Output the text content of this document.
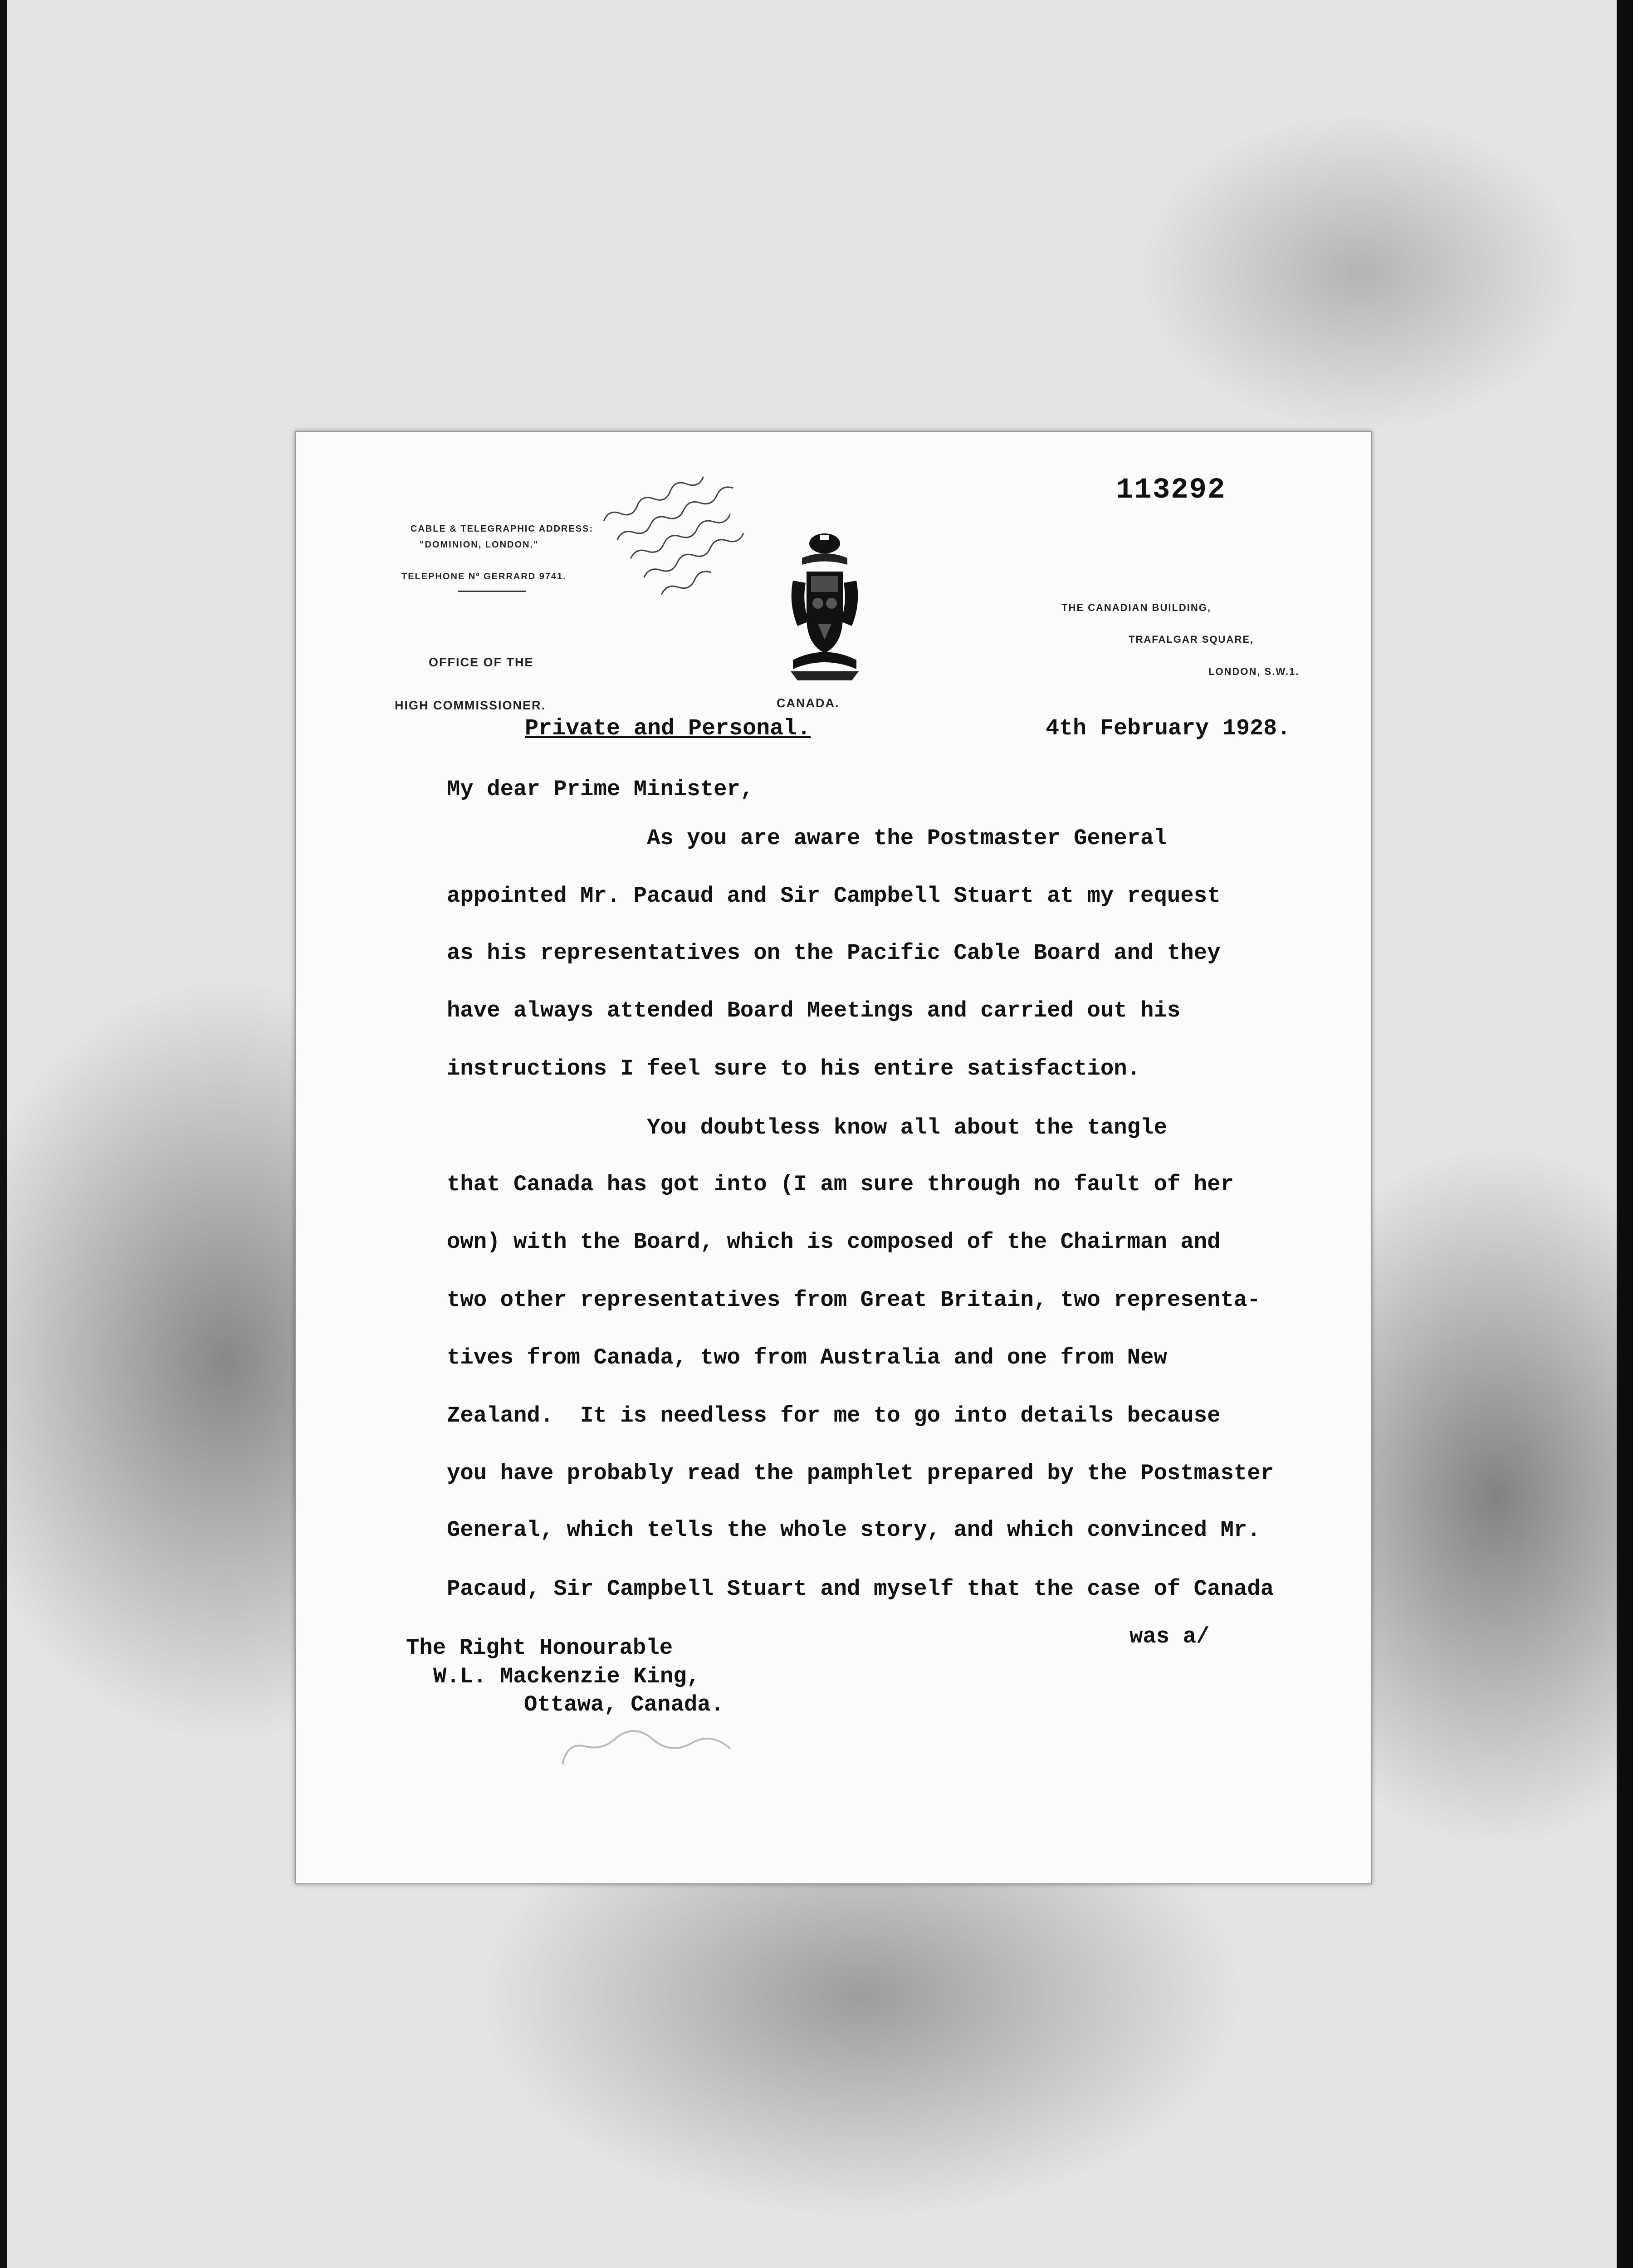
113292
CABLE & TELEGRAPHIC ADDRESS:
"DOMINION, LONDON."
TELEPHONE Nº GERRARD 9741.
OFFICE OF THE
HIGH COMMISSIONER.	CANADA.
THE CANADIAN BUILDING,
TRAFALGAR SQUARE,
LONDON, S.W.1.
Private and Personal.	4th February 1928.
My dear Prime Minister,
As you are aware the Postmaster General
appointed Mr. Pacaud and Sir Campbell Stuart at my request
as his representatives on the Pacific Cable Board and they
have always attended Board Meetings and carried out his
instructions I feel sure to his entire satisfaction.
You doubtless know all about the tangle
that Canada has got into (I am sure through no fault of her
own) with the Board, which is composed of the Chairman and
two other representatives from Great Britain, two representa-
tives from Canada, two from Australia and one from New
Zealand.  It is needless for me to go into details because
you have probably read the pamphlet prepared by the Postmaster
General, which tells the whole story, and which convinced Mr.
Pacaud, Sir Campbell Stuart and myself that the case of Canada
was a/
The Right Honourable
W.L. Mackenzie King,
Ottawa, Canada.
